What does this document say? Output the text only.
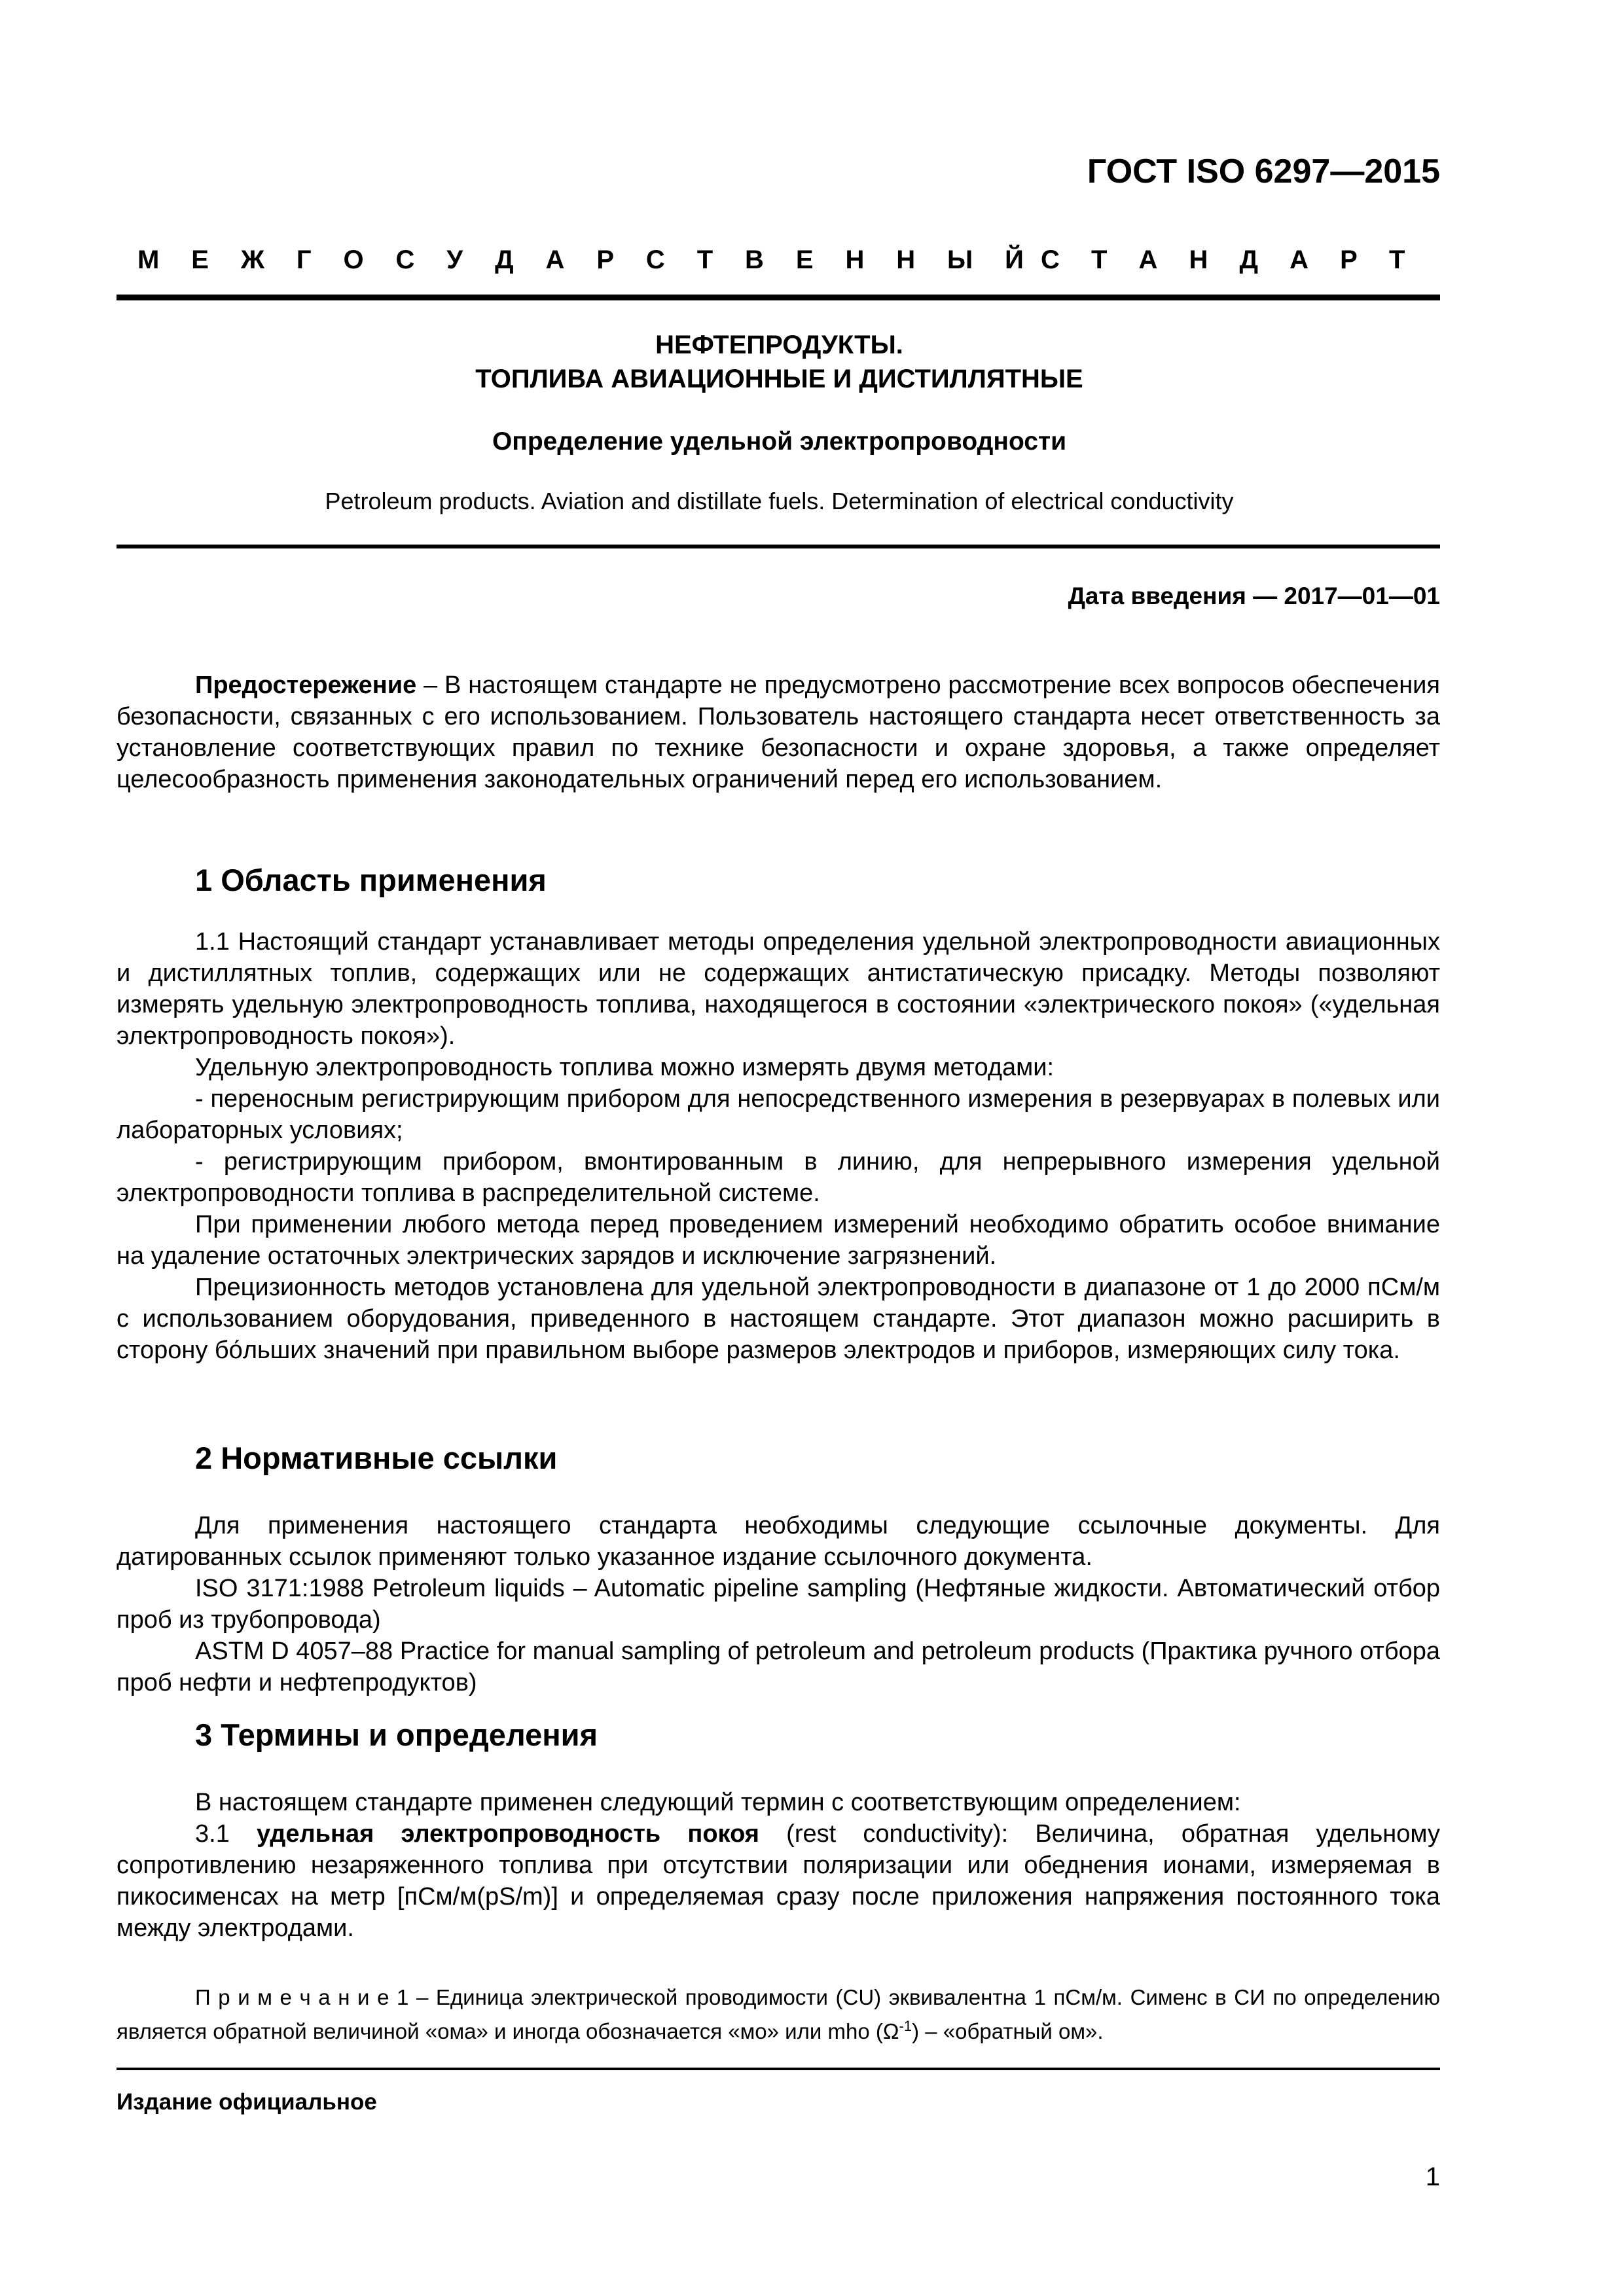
ГОСТ ISO 6297—2015
М Е Ж Г О С У Д А Р С Т В Е Н Н Ы Й С Т А Н Д А Р Т
НЕФТЕПРОДУКТЫ.
ТОПЛИВА АВИАЦИОННЫЕ И ДИСТИЛЛЯТНЫЕ
Определение удельной электропроводности
Petroleum products. Aviation and distillate fuels. Determination of electrical conductivity
Дата введения — 2017—01—01

Предостережение – В настоящем стандарте не предусмотрено рассмотрение всех вопросов обеспечения безопасности, связанных с его использованием. Пользователь настоящего стандарта несет ответственность за установление соответствующих правил по технике безопасности и охране здоровья, а также определяет целесообразность применения законодательных ограничений перед его использованием.

1 Область применения

1.1 Настоящий стандарт устанавливает методы определения удельной электропроводности авиационных и дистиллятных топлив, содержащих или не содержащих антистатическую присадку. Методы позволяют измерять удельную электропроводность топлива, находящегося в состоянии «электрического покоя» («удельная электропроводность покоя»).

Удельную электропроводность топлива можно измерять двумя методами:

- переносным регистрирующим прибором для непосредственного измерения в резервуарах в полевых или лабораторных условиях;

- регистрирующим прибором, вмонтированным в линию, для непрерывного измерения удельной электропроводности топлива в распределительной системе.

При применении любого метода перед проведением измерений необходимо обратить особое внимание на удаление остаточных электрических зарядов и исключение загрязнений.

Прецизионность методов установлена для удельной электропроводности в диапазоне от 1 до 2000 пСм/м с использованием оборудования, приведенного в настоящем стандарте. Этот диапазон можно расширить в сторону бо́льших значений при правильном выборе размеров электродов и приборов, измеряющих силу тока.

2 Нормативные ссылки

Для применения настоящего стандарта необходимы следующие ссылочные документы. Для датированных ссылок применяют только указанное издание ссылочного документа.

ISO 3171:1988 Petroleum liquids – Automatic pipeline sampling (Нефтяные жидкости. Автоматический отбор проб из трубопровода)

ASTM D 4057–88 Practice for manual sampling of petroleum and petroleum products (Практика ручного отбора проб нефти и нефтепродуктов)

3 Термины и определения

В настоящем стандарте применен следующий термин с соответствующим определением:

3.1 удельная электропроводность покоя (rest conductivity): Величина, обратная удельному сопротивлению незаряженного топлива при отсутствии поляризации или обеднения ионами, измеряемая в пикосименсах на метр [пСм/м(pS/m)] и определяемая сразу после приложения напряжения постоянного тока между электродами.

П р и м е ч а н и е 1 – Единица электрической проводимости (CU) эквивалентна 1 пСм/м. Сименс в СИ по определению является обратной величиной «ома» и иногда обозначается «мо» или mho $(\Omega^{-1})$ – «обратный ом».

Издание официальное
1
